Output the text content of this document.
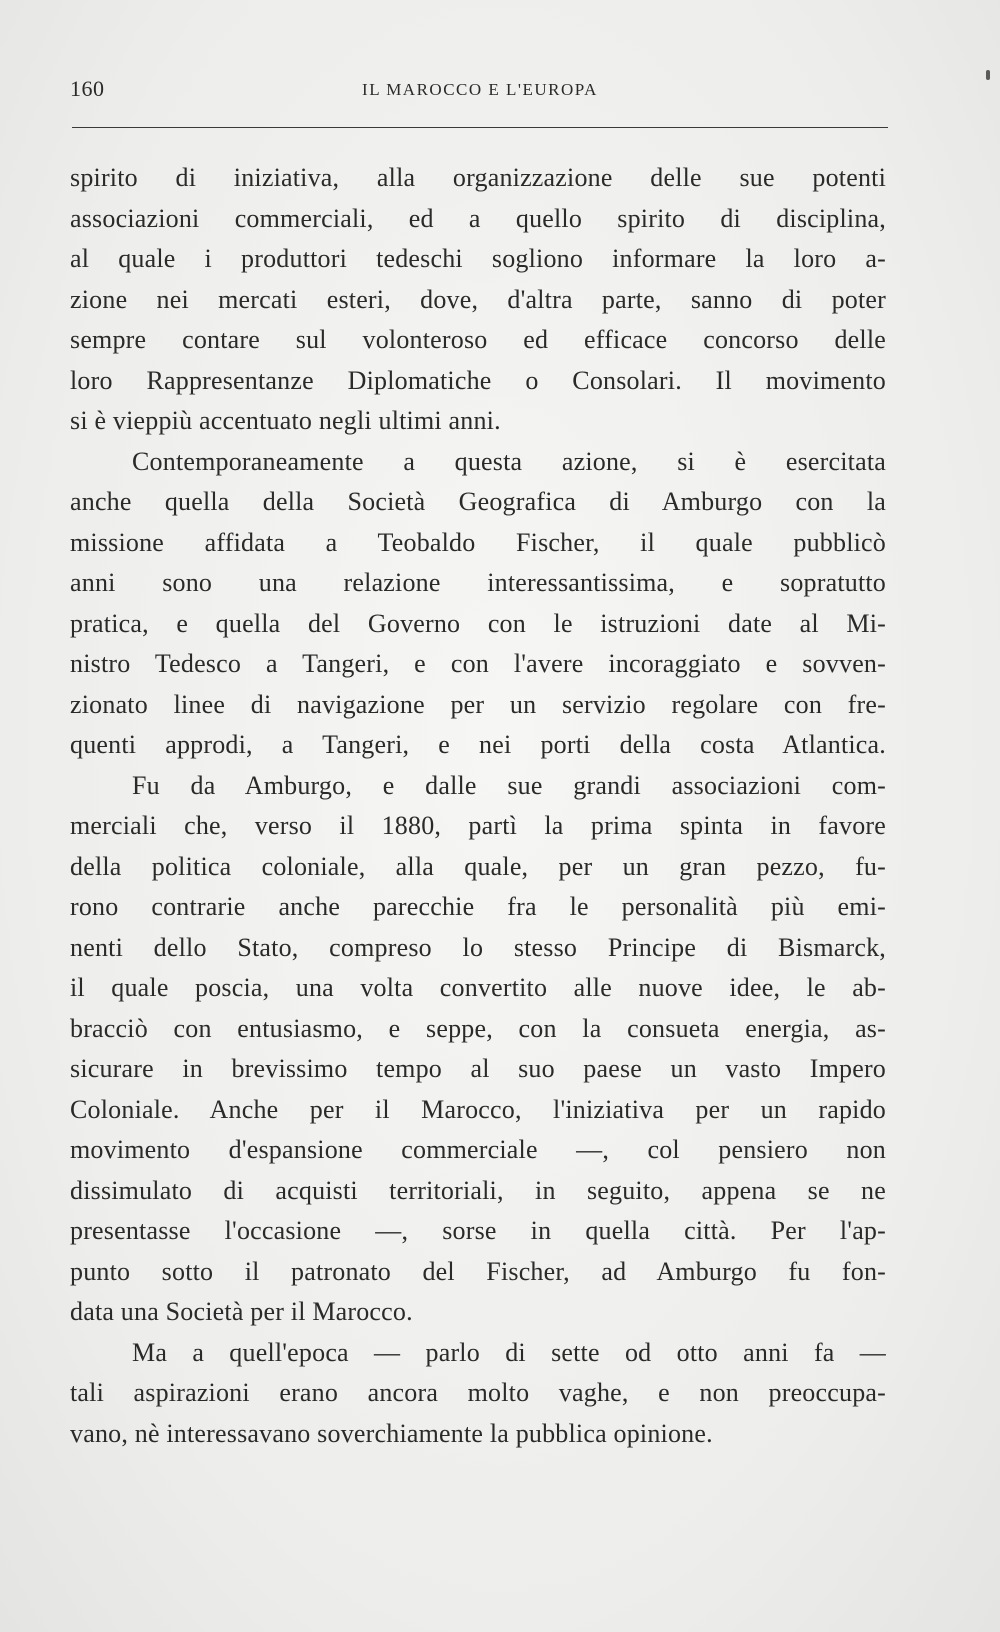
160	IL MAROCCO E L'EUROPA
spirito di iniziativa, alla organizzazione delle sue potenti
associazioni commerciali, ed a quello spirito di disciplina,
al quale i produttori tedeschi sogliono informare la loro a-
zione nei mercati esteri, dove, d'altra parte, sanno di poter
sempre contare sul volonteroso ed efficace concorso delle
loro Rappresentanze Diplomatiche o Consolari. Il movimento
si è vieppiù accentuato negli ultimi anni.
Contemporaneamente a questa azione, si è esercitata
anche quella della Società Geografica di Amburgo con la
missione affidata a Teobaldo Fischer, il quale pubblicò
anni sono una relazione interessantissima, e sopratutto
pratica, e quella del Governo con le istruzioni date al Mi-
nistro Tedesco a Tangeri, e con l'avere incoraggiato e sovven-
zionato linee di navigazione per un servizio regolare con fre-
quenti approdi, a Tangeri, e nei porti della costa Atlantica.
Fu da Amburgo, e dalle sue grandi associazioni com-
merciali che, verso il 1880, partì la prima spinta in favore
della politica coloniale, alla quale, per un gran pezzo, fu-
rono contrarie anche parecchie fra le personalità più emi-
nenti dello Stato, compreso lo stesso Principe di Bismarck,
il quale poscia, una volta convertito alle nuove idee, le ab-
bracciò con entusiasmo, e seppe, con la consueta energia, as-
sicurare in brevissimo tempo al suo paese un vasto Impero
Coloniale. Anche per il Marocco, l'iniziativa per un rapido
movimento d'espansione commerciale —, col pensiero non
dissimulato di acquisti territoriali, in seguito, appena se ne
presentasse l'occasione —, sorse in quella città. Per l'ap-
punto sotto il patronato del Fischer, ad Amburgo fu fon-
data una Società per il Marocco.
Ma a quell'epoca — parlo di sette od otto anni fa —
tali aspirazioni erano ancora molto vaghe, e non preoccupa-
vano, nè interessavano soverchiamente la pubblica opinione.
